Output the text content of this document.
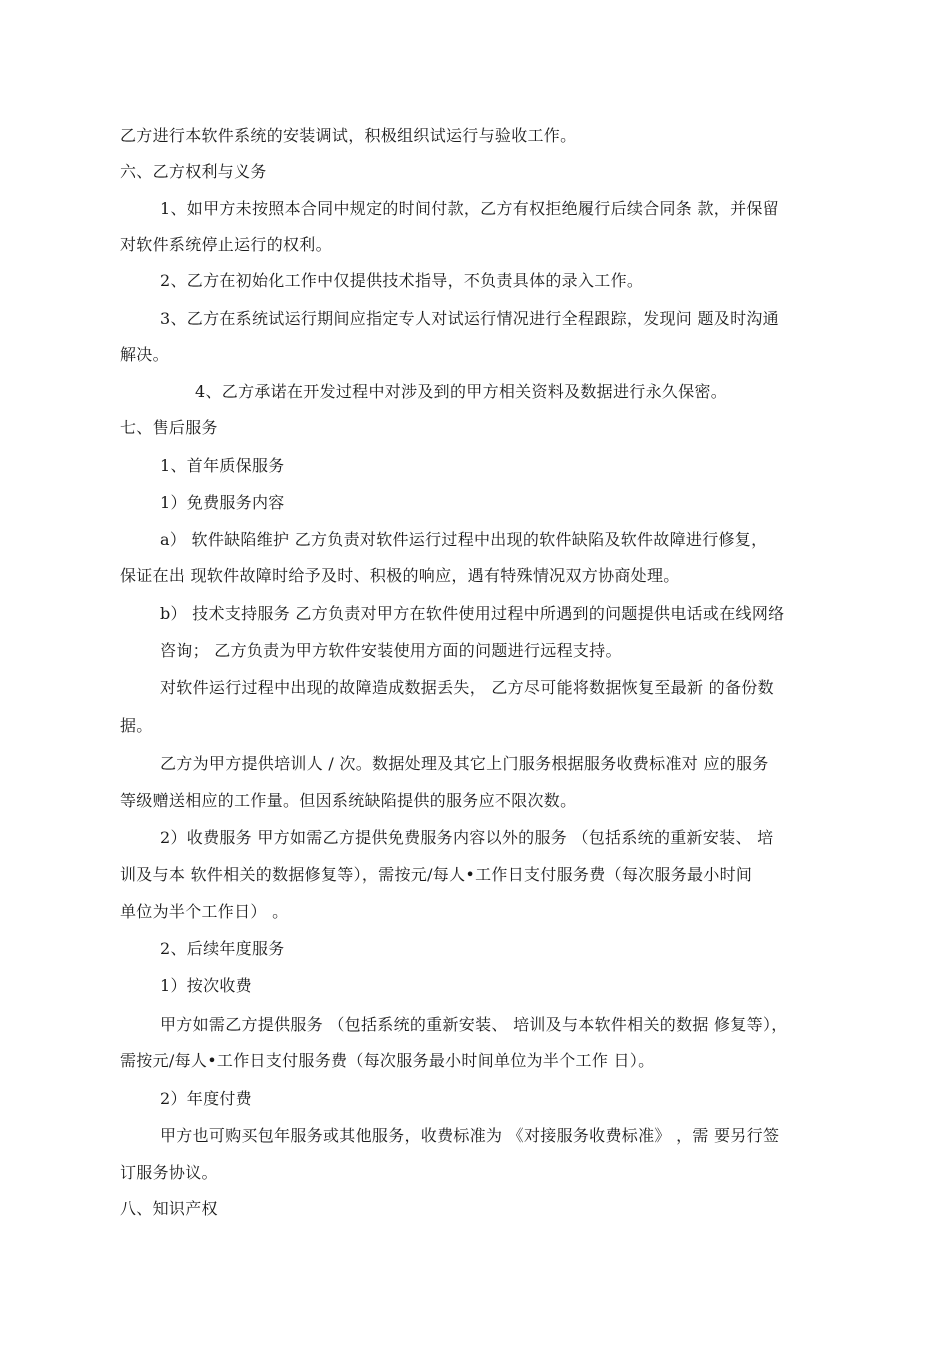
乙方进行本软件系统的安装调试，积极组织试运行与验收工作。
六、乙方权利与义务
1、如甲方未按照本合同中规定的时间付款，乙方有权拒绝履行后续合同条 款，并保留
对软件系统停止运行的权利。
2、乙方在初始化工作中仅提供技术指导，不负责具体的录入工作。
3、乙方在系统试运行期间应指定专人对试运行情况进行全程跟踪，发现问 题及时沟通
解决。
4、乙方承诺在开发过程中对涉及到的甲方相关资料及数据进行永久保密。
七、售后服务
1、首年质保服务
1）免费服务内容
a） 软件缺陷维护 乙方负责对软件运行过程中出现的软件缺陷及软件故障进行修复，
保证在出 现软件故障时给予及时、积极的响应，遇有特殊情况双方协商处理。
b） 技术支持服务 乙方负责对甲方在软件使用过程中所遇到的问题提供电话或在线网络
咨询； 乙方负责为甲方软件安装使用方面的问题进行远程支持。
对软件运行过程中出现的故障造成数据丢失， 乙方尽可能将数据恢复至最新 的备份数
据。
乙方为甲方提供培训人 / 次。数据处理及其它上门服务根据服务收费标准对 应的服务
等级赠送相应的工作量。但因系统缺陷提供的服务应不限次数。
2）收费服务 甲方如需乙方提供免费服务内容以外的服务 （包括系统的重新安装、 培
训及与本 软件相关的数据修复等），需按元/每人•工作日支付服务费（每次服务最小时间
单位为半个工作日） 。
2、后续年度服务
1）按次收费
甲方如需乙方提供服务 （包括系统的重新安装、 培训及与本软件相关的数据 修复等），
需按元/每人•工作日支付服务费（每次服务最小时间单位为半个工作 日）。
2）年度付费
甲方也可购买包年服务或其他服务，收费标准为 《对接服务收费标准》 ，需 要另行签
订服务协议。
八、知识产权
